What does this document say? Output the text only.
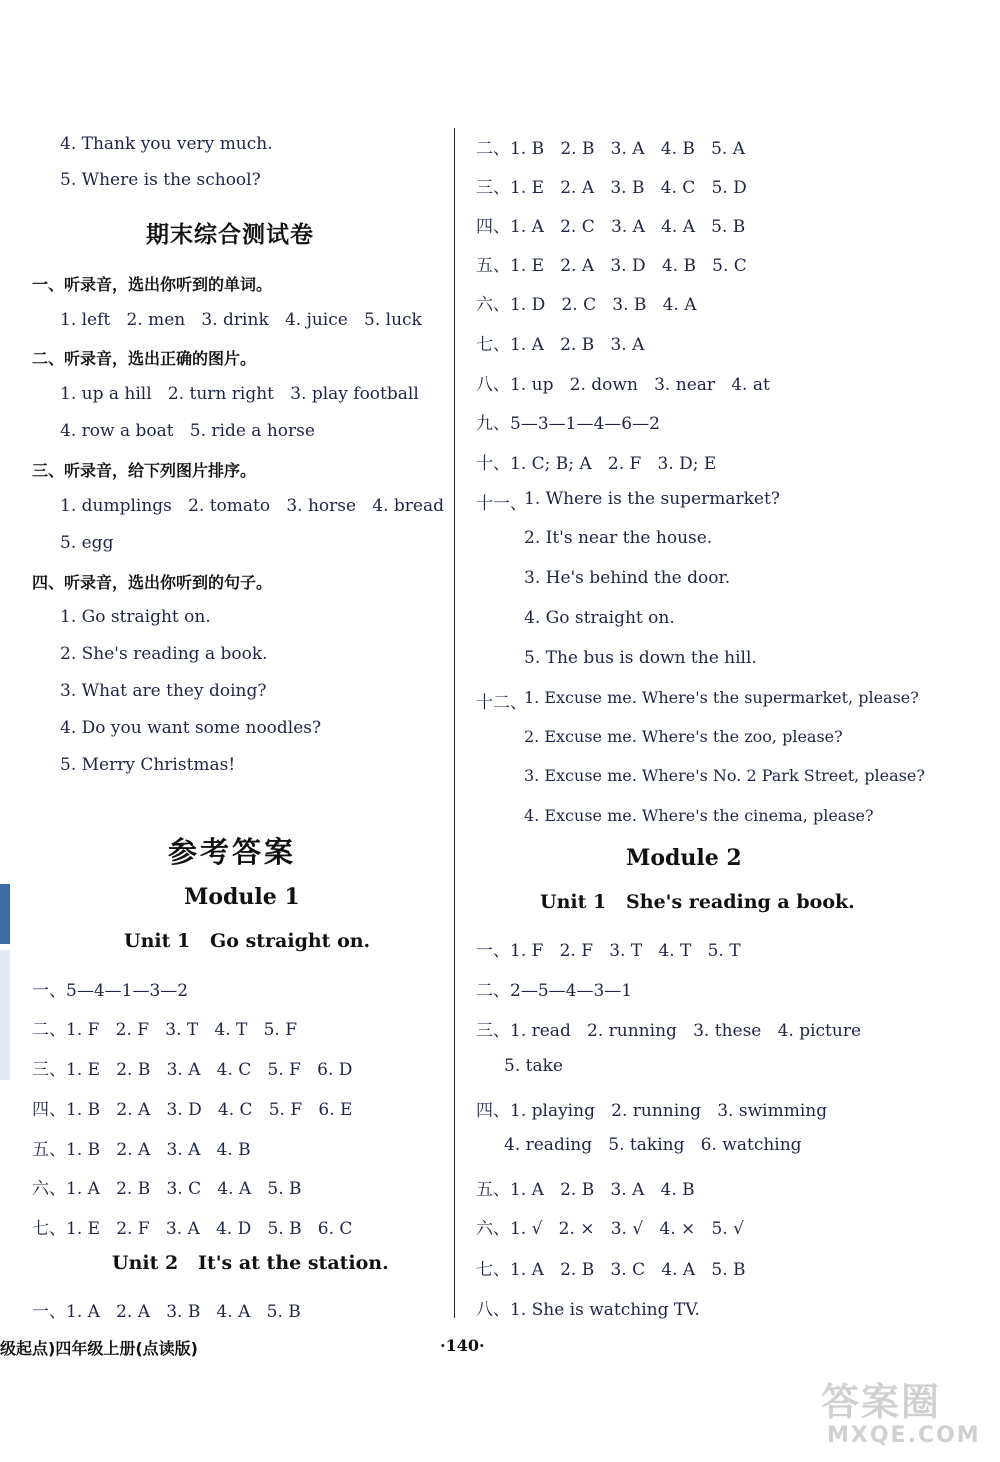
4. Thank you very much.
5. Where is the school?
期末综合测试卷
一、听录音，选出你听到的单词。
1. left   2. men   3. drink   4. juice   5. luck
二、听录音，选出正确的图片。
1. up a hill   2. turn right   3. play football
4. row a boat   5. ride a horse
三、听录音，给下列图片排序。
1. dumplings   2. tomato   3. horse   4. bread
5. egg
四、听录音，选出你听到的句子。
1. Go straight on.
2. She's reading a book.
3. What are they doing?
4. Do you want some noodles?
5. Merry Christmas!
参考答案
Module 1
Unit 1   Go straight on.
一、5—4—1—3—2
二、1. F   2. F   3. T   4. T   5. F
三、1. E   2. B   3. A   4. C   5. F   6. D
四、1. B   2. A   3. D   4. C   5. F   6. E
五、1. B   2. A   3. A   4. B
六、1. A   2. B   3. C   4. A   5. B
七、1. E   2. F   3. A   4. D   5. B   6. C
Unit 2   It's at the station.
一、1. A   2. A   3. B   4. A   5. B
二、1. B   2. B   3. A   4. B   5. A
三、1. E   2. A   3. B   4. C   5. D
四、1. A   2. C   3. A   4. A   5. B
五、1. E   2. A   3. D   4. B   5. C
六、1. D   2. C   3. B   4. A
七、1. A   2. B   3. A
八、1. up   2. down   3. near   4. at
九、5—3—1—4—6—2
十、1. C; B; A   2. F   3. D; E
十一、
1. Where is the supermarket?
2. It's near the house.
3. He's behind the door.
4. Go straight on.
5. The bus is down the hill.
十二、
1. Excuse me. Where's the supermarket, please?
2. Excuse me. Where's the zoo, please?
3. Excuse me. Where's No. 2 Park Street, please?
4. Excuse me. Where's the cinema, please?
Module 2
Unit 1   She's reading a book.
一、1. F   2. F   3. T   4. T   5. T
二、2—5—4—3—1
三、1. read   2. running   3. these   4. picture
5. take
四、1. playing   2. running   3. swimming
4. reading   5. taking   6. watching
五、1. A   2. B   3. A   4. B
六、1. √   2. ×   3. √   4. ×   5. √
七、1. A   2. B   3. C   4. A   5. B
八、1. She is watching TV.
级起点)四年级上册(点读版)	·140·
答案圈
MXQE.COM
